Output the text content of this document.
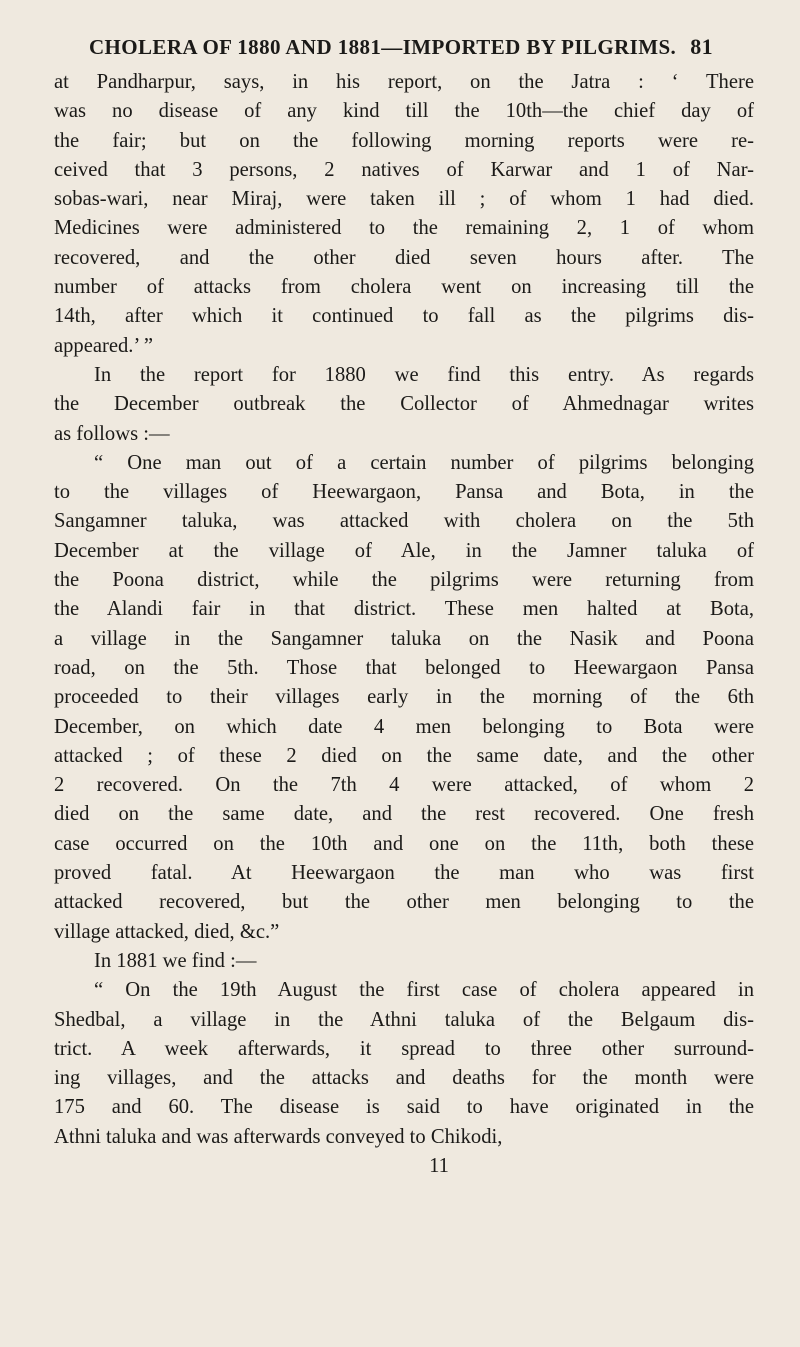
CHOLERA OF 1880 AND 1881—IMPORTED BY PILGRIMS. 81
at Pandharpur, says, in his report, on the Jatra : ‘ There
was no disease of any kind till the 10th—the chief day of
the fair; but on the following morning reports were re-
ceived that 3 persons, 2 natives of Karwar and 1 of Nar-
sobas-wari, near Miraj, were taken ill ; of whom 1 had died.
Medicines were administered to the remaining 2, 1 of whom
recovered, and the other died seven hours after. The
number of attacks from cholera went on increasing till the
14th, after which it continued to fall as the pilgrims dis-
appeared.’ ”
In the report for 1880 we find this entry. As regards
the December outbreak the Collector of Ahmednagar writes
as follows :—
“ One man out of a certain number of pilgrims belonging
to the villages of Heewargaon, Pansa and Bota, in the
Sangamner taluka, was attacked with cholera on the 5th
December at the village of Ale, in the Jamner taluka of
the Poona district, while the pilgrims were returning from
the Alandi fair in that district. These men halted at Bota,
a village in the Sangamner taluka on the Nasik and Poona
road, on the 5th. Those that belonged to Heewargaon Pansa
proceeded to their villages early in the morning of the 6th
December, on which date 4 men belonging to Bota were
attacked ; of these 2 died on the same date, and the other
2 recovered. On the 7th 4 were attacked, of whom 2
died on the same date, and the rest recovered. One fresh
case occurred on the 10th and one on the 11th, both these
proved fatal. At Heewargaon the man who was first
attacked recovered, but the other men belonging to the
village attacked, died, &c.”
In 1881 we find :—
“ On the 19th August the first case of cholera appeared in
Shedbal, a village in the Athni taluka of the Belgaum dis-
trict. A week afterwards, it spread to three other surround-
ing villages, and the attacks and deaths for the month were
175 and 60. The disease is said to have originated in the
Athni taluka and was afterwards conveyed to Chikodi,
11
